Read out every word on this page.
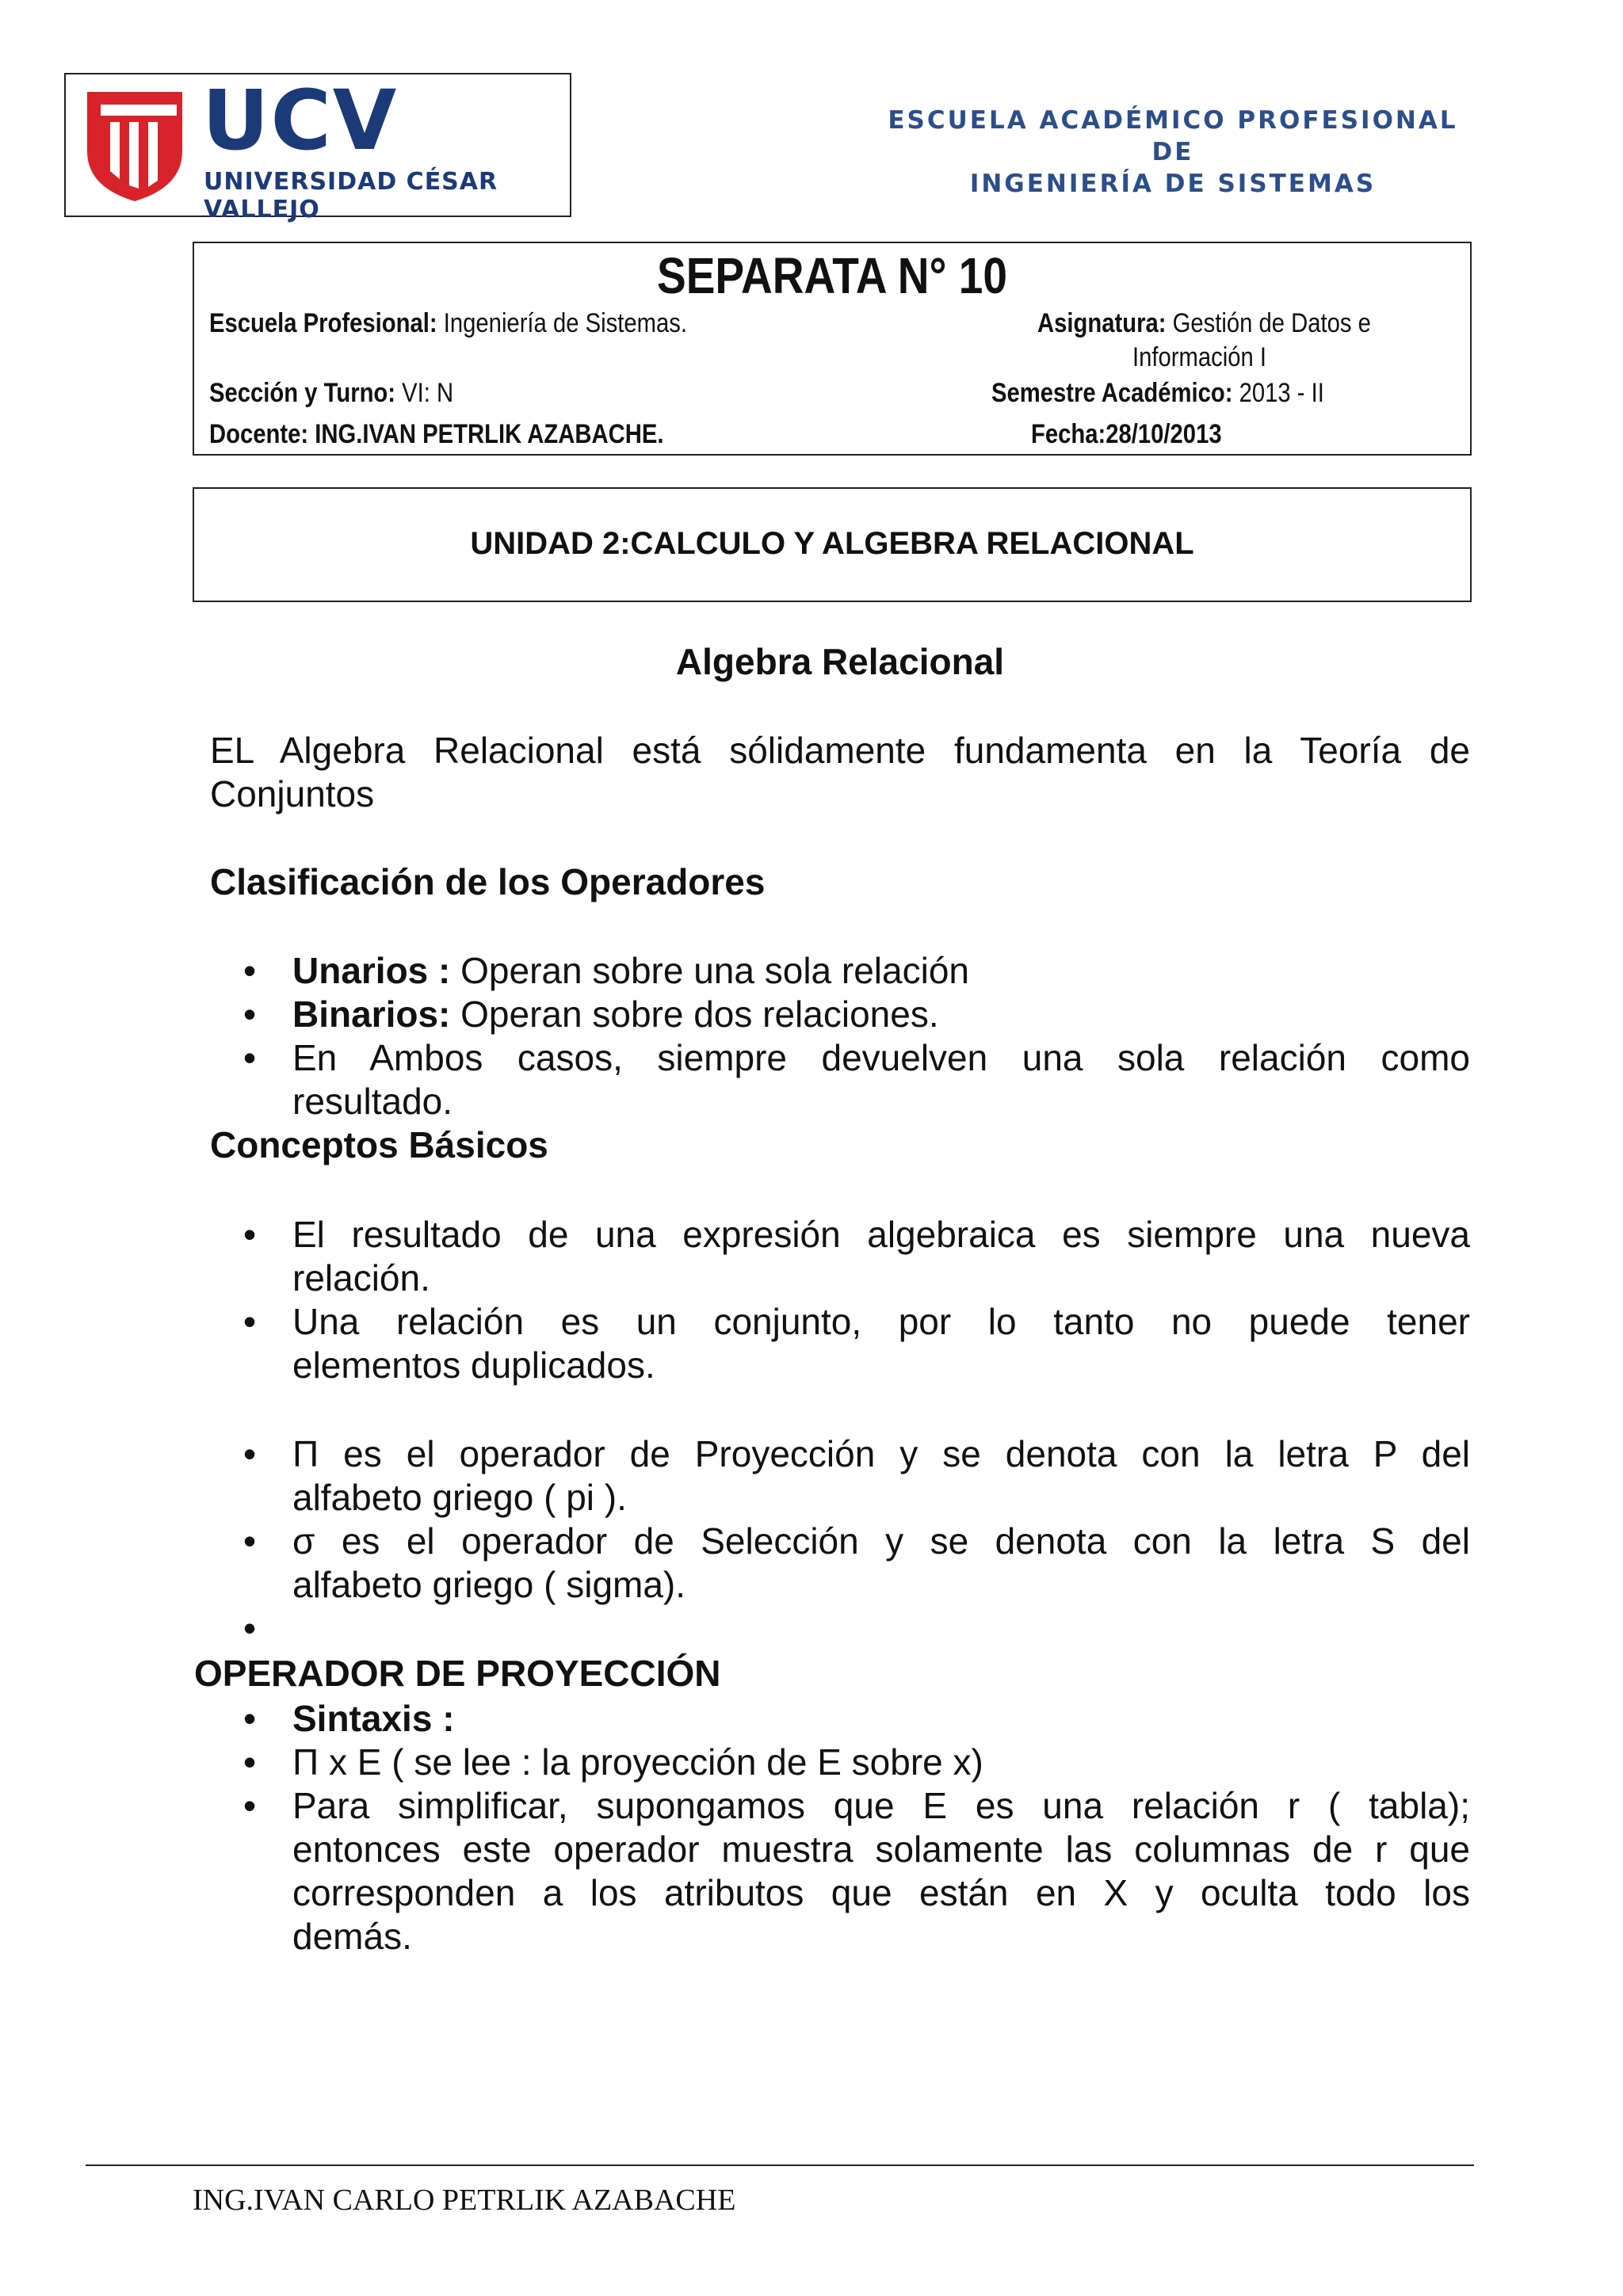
UCV
UNIVERSIDAD CÉSAR VALLEJO
ESCUELA ACADÉMICO PROFESIONAL DE
INGENIERÍA DE SISTEMAS
SEPARATA N° 10
Escuela Profesional: Ingeniería de Sistemas.	Asignatura: Gestión de Datos e
Información I
Sección y Turno: VI: N	Semestre Académico: 2013 - II
Docente: ING.IVAN PETRLIK AZABACHE.	Fecha:28/10/2013
UNIDAD 2:CALCULO Y ALGEBRA RELACIONAL
Algebra Relacional
EL Algebra Relacional está sólidamente fundamenta en la Teoría de
Conjuntos
Clasificación de los Operadores
• Unarios : Operan sobre una sola relación
• Binarios: Operan sobre dos relaciones.
• En Ambos casos, siempre devuelven una sola relación como
resultado.
Conceptos Básicos
• El resultado de una expresión algebraica es siempre una nueva
relación.
• Una relación es un conjunto, por lo tanto no puede tener
elementos duplicados.
• Π es el operador de Proyección y se denota con la letra P del
alfabeto griego ( pi ).
• σ es el operador de Selección y se denota con la letra S del
alfabeto griego ( sigma).
•
OPERADOR DE PROYECCIÓN
• Sintaxis :
• Π x E ( se lee : la proyección de E sobre x)
• Para simplificar, supongamos que E es una relación r ( tabla);
entonces este operador muestra solamente las columnas de r que
corresponden a los atributos que están en X y oculta todo los
demás.
ING.IVAN CARLO PETRLIK AZABACHE
